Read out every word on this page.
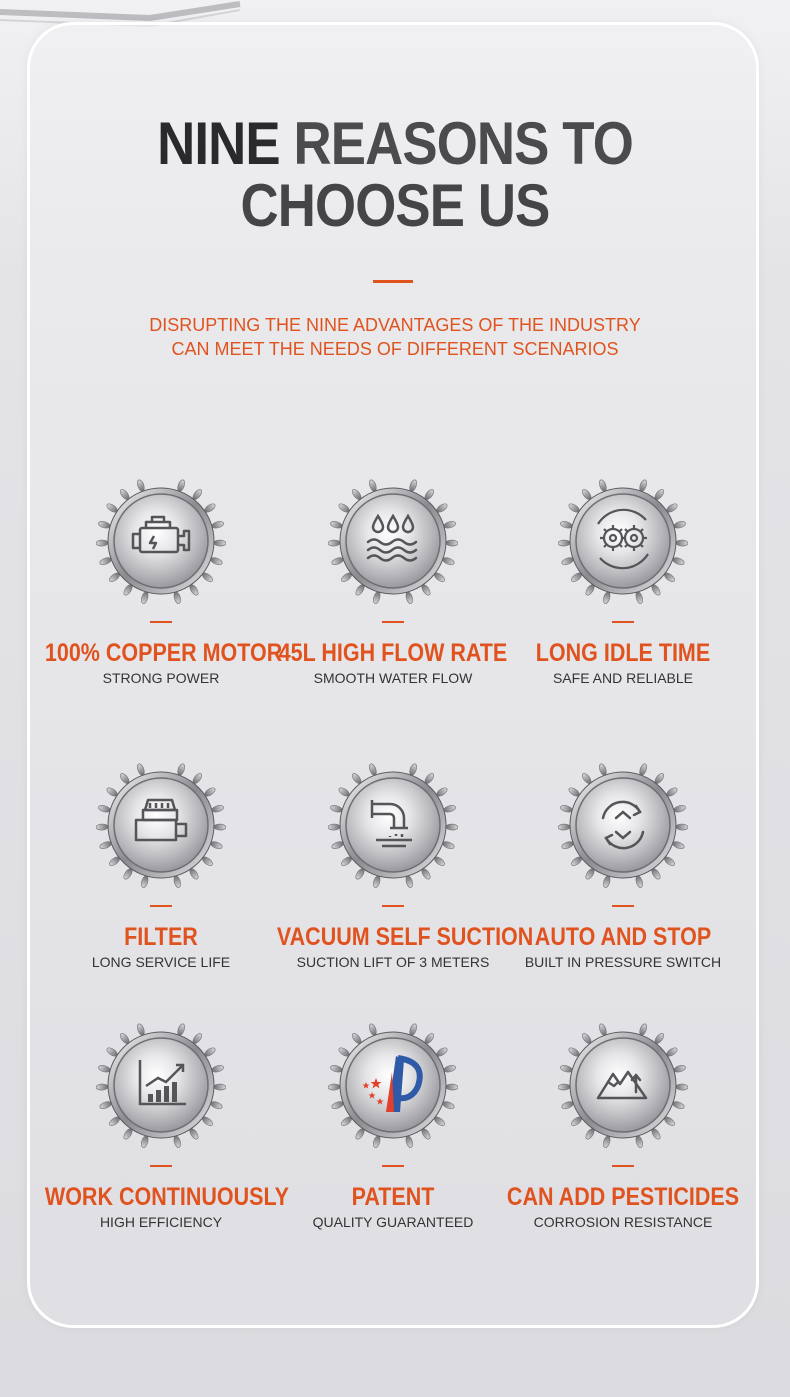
NINE REASONS TO
CHOOSE US
DISRUPTING THE NINE ADVANTAGES OF THE INDUSTRY
CAN MEET THE NEEDS OF DIFFERENT SCENARIOS
100% COPPER MOTOR
STRONG POWER
45L HIGH FLOW RATE
SMOOTH WATER FLOW
LONG IDLE TIME
SAFE AND RELIABLE
FILTER
LONG SERVICE LIFE
VACUUM SELF SUCTION
SUCTION LIFT OF 3 METERS
AUTO AND STOP
BUILT IN PRESSURE SWITCH
WORK CONTINUOUSLY
HIGH EFFICIENCY
PATENT
QUALITY GUARANTEED
CAN ADD PESTICIDES
CORROSION RESISTANCE
